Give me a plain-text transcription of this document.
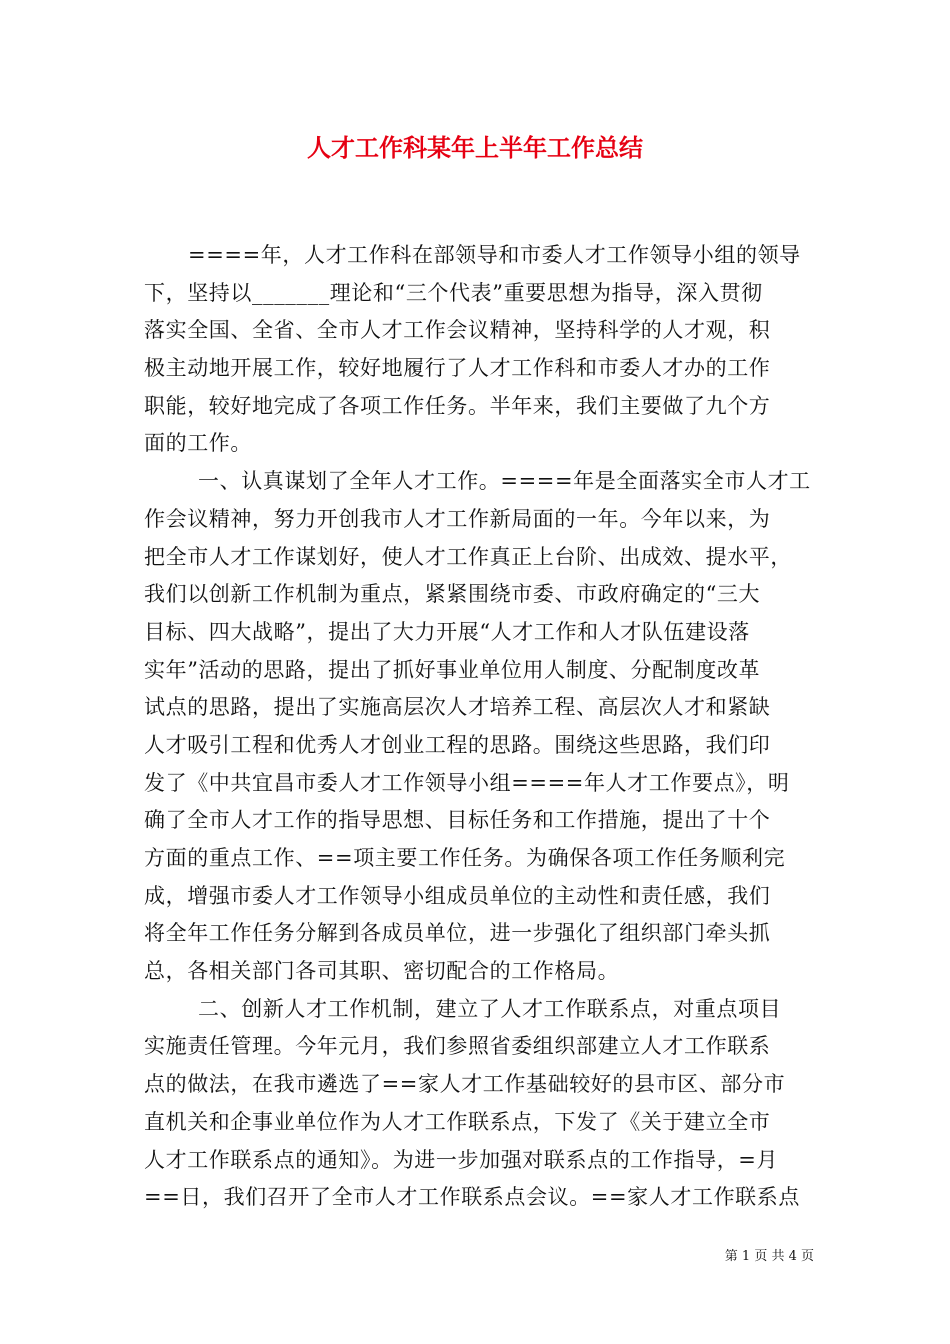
人才工作科某年上半年工作总结
====年，人才工作科在部领导和市委人才工作领导小组的领导
下，坚持以_______理论和“三个代表”重要思想为指导，深入贯彻
落实全国、全省、全市人才工作会议精神，坚持科学的人才观，积
极主动地开展工作，较好地履行了人才工作科和市委人才办的工作
职能，较好地完成了各项工作任务。半年来，我们主要做了九个方
面的工作。
一、认真谋划了全年人才工作。====年是全面落实全市人才工
作会议精神，努力开创我市人才工作新局面的一年。今年以来，为
把全市人才工作谋划好，使人才工作真正上台阶、出成效、提水平，
我们以创新工作机制为重点，紧紧围绕市委、市政府确定的“三大
目标、四大战略”，提出了大力开展“人才工作和人才队伍建设落
实年”活动的思路，提出了抓好事业单位用人制度、分配制度改革
试点的思路，提出了实施高层次人才培养工程、高层次人才和紧缺
人才吸引工程和优秀人才创业工程的思路。围绕这些思路，我们印
发了《中共宜昌市委人才工作领导小组====年人才工作要点》，明
确了全市人才工作的指导思想、目标任务和工作措施，提出了十个
方面的重点工作、==项主要工作任务。为确保各项工作任务顺利完
成，增强市委人才工作领导小组成员单位的主动性和责任感，我们
将全年工作任务分解到各成员单位，进一步强化了组织部门牵头抓
总，各相关部门各司其职、密切配合的工作格局。
二、创新人才工作机制，建立了人才工作联系点，对重点项目
实施责任管理。今年元月，我们参照省委组织部建立人才工作联系
点的做法，在我市遴选了==家人才工作基础较好的县市区、部分市
直机关和企事业单位作为人才工作联系点，下发了《关于建立全市
人才工作联系点的通知》。为进一步加强对联系点的工作指导，=月
==日，我们召开了全市人才工作联系点会议。==家人才工作联系点
第 1 页 共 4 页
